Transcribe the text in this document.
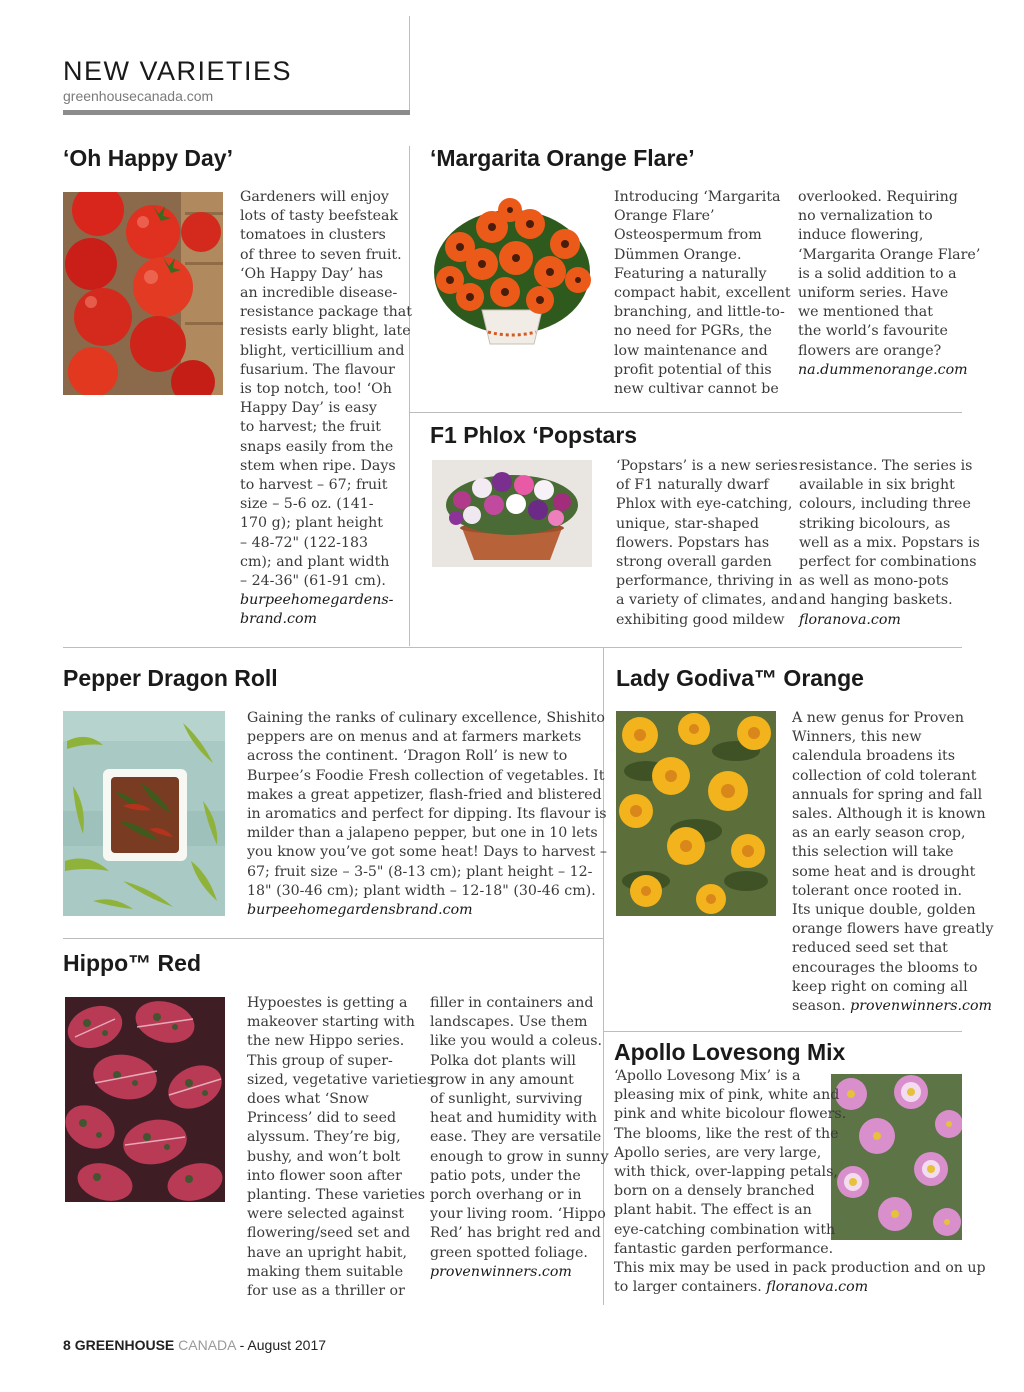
NEW VARIETIES
greenhousecanada.com
‘Oh Happy Day’
Gardeners will enjoy
lots of tasty beefsteak
tomatoes in clusters
of three to seven fruit.
‘Oh Happy Day’ has
an incredible disease-
resistance package that
resists early blight, late
blight, verticillium and
fusarium. The flavour
is top notch, too! ‘Oh
Happy Day’ is easy
to harvest; the fruit
snaps easily from the
stem when ripe. Days
to harvest – 67; fruit
size – 5-6 oz. (141-
170 g); plant height
– 48-72" (122-183
cm); and plant width
– 24-36" (61-91 cm).
burpeehomegardens-
brand.com
‘Margarita Orange Flare’
Introducing ‘Margarita
Orange Flare’
Osteospermum from
Dümmen Orange.
Featuring a naturally
compact habit, excellent
branching, and little-to-
no need for PGRs, the
low maintenance and
profit potential of this
new cultivar cannot be
overlooked. Requiring
no vernalization to
induce flowering,
‘Margarita Orange Flare’
is a solid addition to a
uniform series. Have
we mentioned that
the world’s favourite
flowers are orange?
na.dummenorange.com
F1 Phlox ‘Popstars
‘Popstars’ is a new series
of F1 naturally dwarf
Phlox with eye-catching,
unique, star-shaped
flowers. Popstars has
strong overall garden
performance, thriving in
a variety of climates, and
exhibiting good mildew
resistance. The series is
available in six bright
colours, including three
striking bicolours, as
well as a mix. Popstars is
perfect for combinations
as well as mono-pots
and hanging baskets.
floranova.com
Pepper Dragon Roll
Gaining the ranks of culinary excellence, Shishito
peppers are on menus and at farmers markets
across the continent. ‘Dragon Roll’ is new to
Burpee’s Foodie Fresh collection of vegetables. It
makes a great appetizer, flash-fried and blistered
in aromatics and perfect for dipping. Its flavour is
milder than a jalapeno pepper, but one in 10 lets
you know you’ve got some heat! Days to harvest –
67; fruit size – 3-5" (8-13 cm); plant height – 12-
18" (30-46 cm); plant width – 12-18" (30-46 cm).
burpeehomegardensbrand.com
Lady Godiva™ Orange
A new genus for Proven
Winners, this new
calendula broadens its
collection of cold tolerant
annuals for spring and fall
sales. Although it is known
as an early season crop,
this selection will take
some heat and is drought
tolerant once rooted in.
Its unique double, golden
orange flowers have greatly
reduced seed set that
encourages the blooms to
keep right on coming all
season. provenwinners.com
Hippo™ Red
Hypoestes is getting a
makeover starting with
the new Hippo series.
This group of super-
sized, vegetative varieties
does what ‘Snow
Princess’ did to seed
alyssum. They’re big,
bushy, and won’t bolt
into flower soon after
planting. These varieties
were selected against
flowering/seed set and
have an upright habit,
making them suitable
for use as a thriller or
filler in containers and
landscapes. Use them
like you would a coleus.
Polka dot plants will
grow in any amount
of sunlight, surviving
heat and humidity with
ease. They are versatile
enough to grow in sunny
patio pots, under the
porch overhang or in
your living room. ‘Hippo
Red’ has bright red and
green spotted foliage.
provenwinners.com
Apollo Lovesong Mix
‘Apollo Lovesong Mix’ is a
pleasing mix of pink, white and
pink and white bicolour flowers.
The blooms, like the rest of the
Apollo series, are very large,
with thick, over-lapping petals,
born on a densely branched
plant habit. The effect is an
eye-catching combination with
fantastic garden performance.
This mix may be used in pack production and on up
to larger containers. floranova.com
8 GREENHOUSE CANADA - August 2017
